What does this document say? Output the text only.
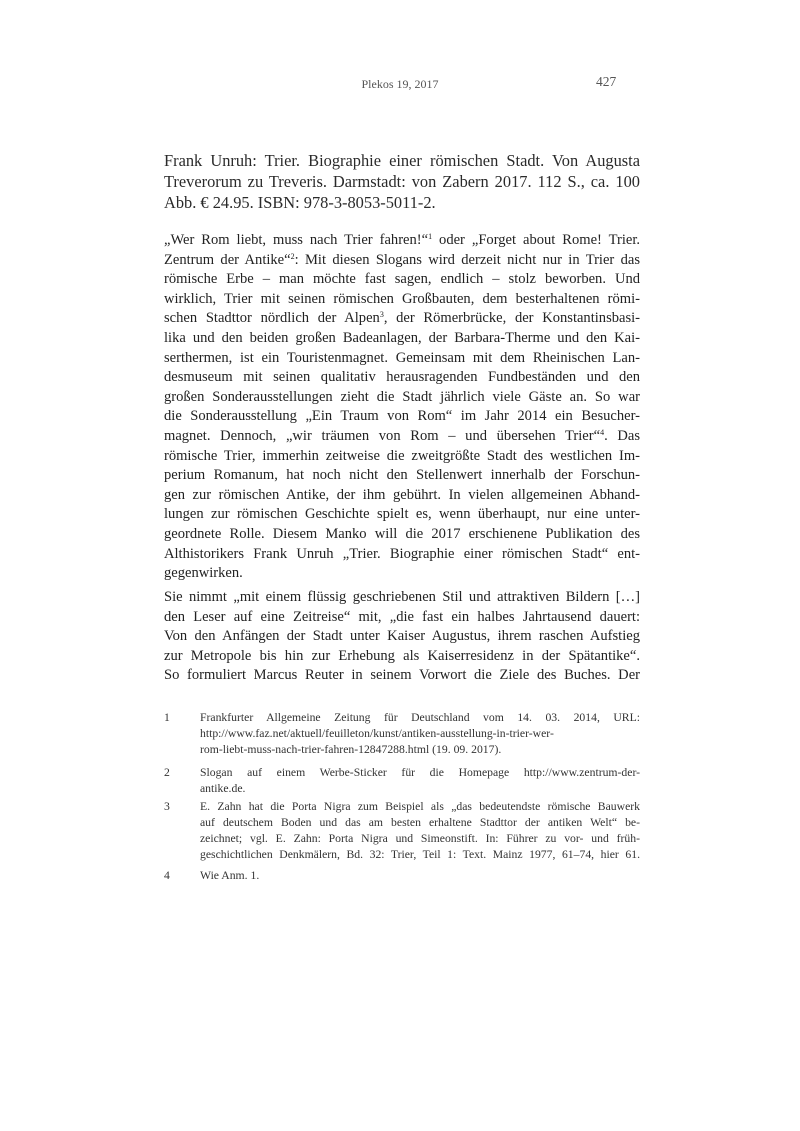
Plekos 19, 2017	427
Frank Unruh: Trier. Biographie einer römischen Stadt. Von Augusta
Treverorum zu Treveris. Darmstadt: von Zabern 2017. 112 S., ca. 100
Abb. € 24.95. ISBN: 978-3-8053-5011-2.
„Wer Rom liebt, muss nach Trier fahren!“$^1$ oder „Forget about Rome! Trier.
Zentrum der Antike“$^2$: Mit diesen Slogans wird derzeit nicht nur in Trier das
römische Erbe – man möchte fast sagen, endlich – stolz beworben. Und
wirklich, Trier mit seinen römischen Großbauten, dem besterhaltenen römi-
schen Stadttor nördlich der Alpen$^3$, der Römerbrücke, der Konstantinsbasi-
lika und den beiden großen Badeanlagen, der Barbara-Therme und den Kai-
serthermen, ist ein Touristenmagnet. Gemeinsam mit dem Rheinischen Lan-
desmuseum mit seinen qualitativ herausragenden Fundbeständen und den
großen Sonderausstellungen zieht die Stadt jährlich viele Gäste an. So war
die Sonderausstellung „Ein Traum von Rom“ im Jahr 2014 ein Besucher-
magnet. Dennoch, „wir träumen von Rom – und übersehen Trier“$^4$. Das
römische Trier, immerhin zeitweise die zweitgrößte Stadt des westlichen Im-
perium Romanum, hat noch nicht den Stellenwert innerhalb der Forschun-
gen zur römischen Antike, der ihm gebührt. In vielen allgemeinen Abhand-
lungen zur römischen Geschichte spielt es, wenn überhaupt, nur eine unter-
geordnete Rolle. Diesem Manko will die 2017 erschienene Publikation des
Althistorikers Frank Unruh „Trier. Biographie einer römischen Stadt“ ent-
gegenwirken.
Sie nimmt „mit einem flüssig geschriebenen Stil und attraktiven Bildern […]
den Leser auf eine Zeitreise“ mit, „die fast ein halbes Jahrtausend dauert:
Von den Anfängen der Stadt unter Kaiser Augustus, ihrem raschen Aufstieg
zur Metropole bis hin zur Erhebung als Kaiserresidenz in der Spätantike“.
So formuliert Marcus Reuter in seinem Vorwort die Ziele des Buches. Der
1	Frankfurter Allgemeine Zeitung für Deutschland vom 14. 03. 2014, URL:
http://www.faz.net/aktuell/feuilleton/kunst/antiken-ausstellung-in-trier-wer-
rom-liebt-muss-nach-trier-fahren-12847288.html (19. 09. 2017).
2	Slogan auf einem Werbe-Sticker für die Homepage http://www.zentrum-der-
antike.de.
3	E. Zahn hat die Porta Nigra zum Beispiel als „das bedeutendste römische Bauwerk
auf deutschem Boden und das am besten erhaltene Stadttor der antiken Welt“ be-
zeichnet; vgl. E. Zahn: Porta Nigra und Simeonstift. In: Führer zu vor- und früh-
geschichtlichen Denkmälern, Bd. 32: Trier, Teil 1: Text. Mainz 1977, 61–74, hier 61.
4	Wie Anm. 1.
